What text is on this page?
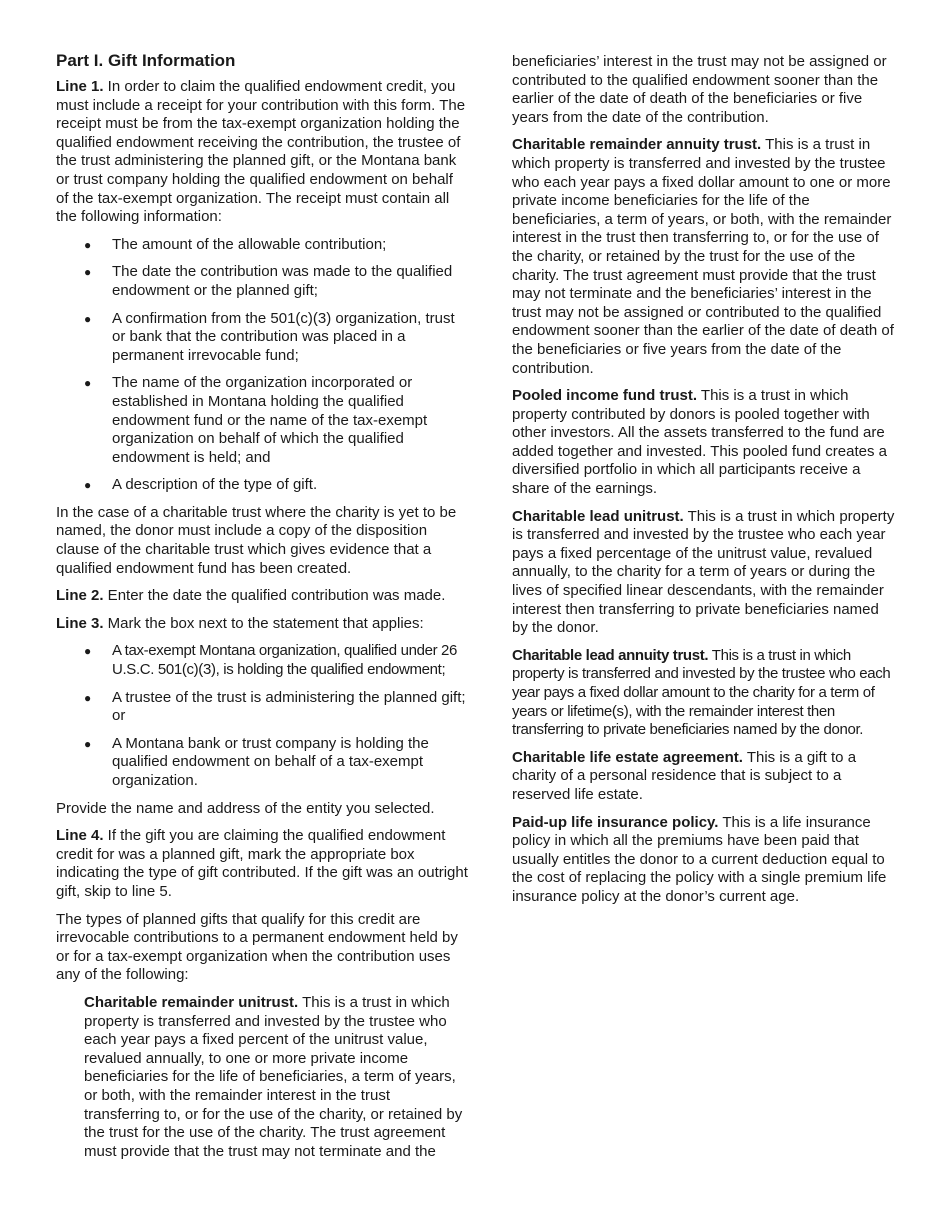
Part I. Gift Information

Line 1. In order to claim the qualified endowment credit, you must include a receipt for your contribution with this form. The receipt must be from the tax-exempt organization holding the qualified endowment receiving the contribution, the trustee of the trust administering the planned gift, or the Montana bank or trust company holding the qualified endowment on behalf of the tax-exempt organization. The receipt must contain all the following information:

● The amount of the allowable contribution;
● The date the contribution was made to the qualified endowment or the planned gift;
● A confirmation from the 501(c)(3) organization, trust or bank that the contribution was placed in a permanent irrevocable fund;
● The name of the organization incorporated or established in Montana holding the qualified endowment fund or the name of the tax-exempt organization on behalf of which the qualified endowment is held; and
● A description of the type of gift.

In the case of a charitable trust where the charity is yet to be named, the donor must include a copy of the disposition clause of the charitable trust which gives evidence that a qualified endowment fund has been created.

Line 2. Enter the date the qualified contribution was made.

Line 3. Mark the box next to the statement that applies:

● A tax-exempt Montana organization, qualified under 26 U.S.C. 501(c)(3), is holding the qualified endowment;
● A trustee of the trust is administering the planned gift; or
● A Montana bank or trust company is holding the qualified endowment on behalf of a tax-exempt organization.

Provide the name and address of the entity you selected.

Line 4. If the gift you are claiming the qualified endowment credit for was a planned gift, mark the appropriate box indicating the type of gift contributed. If the gift was an outright gift, skip to line 5.

The types of planned gifts that qualify for this credit are irrevocable contributions to a permanent endowment held by or for a tax-exempt organization when the contribution uses any of the following:

Charitable remainder unitrust. This is a trust in which property is transferred and invested by the trustee who each year pays a fixed percent of the unitrust value, revalued annually, to one or more private income beneficiaries for the life of beneficiaries, a term of years, or both, with the remainder interest in the trust transferring to, or for the use of the charity, or retained by the trust for the use of the charity. The trust agreement must provide that the trust may not terminate and the

beneficiaries’ interest in the trust may not be assigned or contributed to the qualified endowment sooner than the earlier of the date of death of the beneficiaries or five years from the date of the contribution.

Charitable remainder annuity trust. This is a trust in which property is transferred and invested by the trustee who each year pays a fixed dollar amount to one or more private income beneficiaries for the life of the beneficiaries, a term of years, or both, with the remainder interest in the trust then transferring to, or for the use of the charity, or retained by the trust for the use of the charity. The trust agreement must provide that the trust may not terminate and the beneficiaries’ interest in the trust may not be assigned or contributed to the qualified endowment sooner than the earlier of the date of death of the beneficiaries or five years from the date of the contribution.

Pooled income fund trust. This is a trust in which property contributed by donors is pooled together with other investors. All the assets transferred to the fund are added together and invested. This pooled fund creates a diversified portfolio in which all participants receive a share of the earnings.

Charitable lead unitrust. This is a trust in which property is transferred and invested by the trustee who each year pays a fixed percentage of the unitrust value, revalued annually, to the charity for a term of years or during the lives of specified linear descendants, with the remainder interest then transferring to private beneficiaries named by the donor.

Charitable lead annuity trust. This is a trust in which property is transferred and invested by the trustee who each year pays a fixed dollar amount to the charity for a term of years or lifetime(s), with the remainder interest then transferring to private beneficiaries named by the donor.

Charitable life estate agreement. This is a gift to a charity of a personal residence that is subject to a reserved life estate.

Paid-up life insurance policy. This is a life insurance policy in which all the premiums have been paid that usually entitles the donor to a current deduction equal to the cost of replacing the policy with a single premium life insurance policy at the donor’s current age.
